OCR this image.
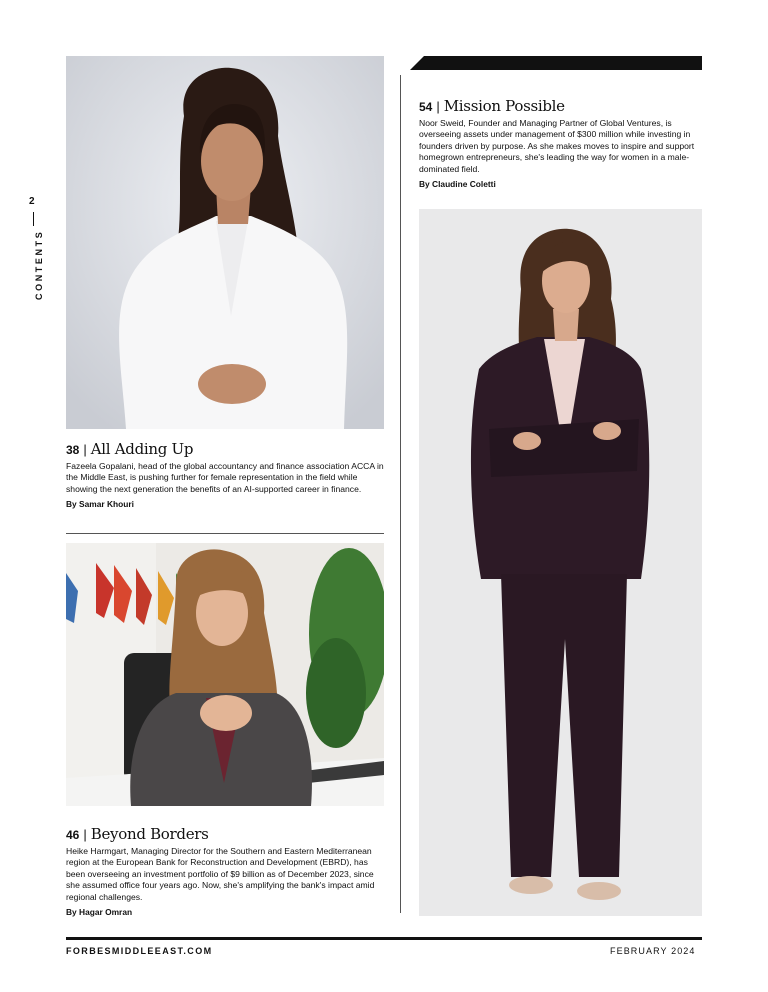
2
CONTENTS
38 | All Adding Up

Fazeela Gopalani, head of the global accountancy and finance association ACCA in the Middle East, is pushing further for female representation in the field while showing the next generation the benefits of an AI-supported career in finance.

By Samar Khouri
46 | Beyond Borders

Heike Harmgart, Managing Director for the Southern and Eastern Mediterranean region at the European Bank for Reconstruction and Development (EBRD), has been overseeing an investment portfolio of $9 billion as of December 2023, since she assumed office four years ago. Now, she's amplifying the bank's impact amid regional challenges.

By Hagar Omran
54 | Mission Possible

Noor Sweid, Founder and Managing Partner of Global Ventures, is overseeing assets under management of $300 million while investing in founders driven by purpose. As she makes moves to inspire and support homegrown entrepreneurs, she's leading the way for women in a male-dominated field.

By Claudine Coletti
FORBESMIDDLEEAST.COM	FEBRUARY 2024
